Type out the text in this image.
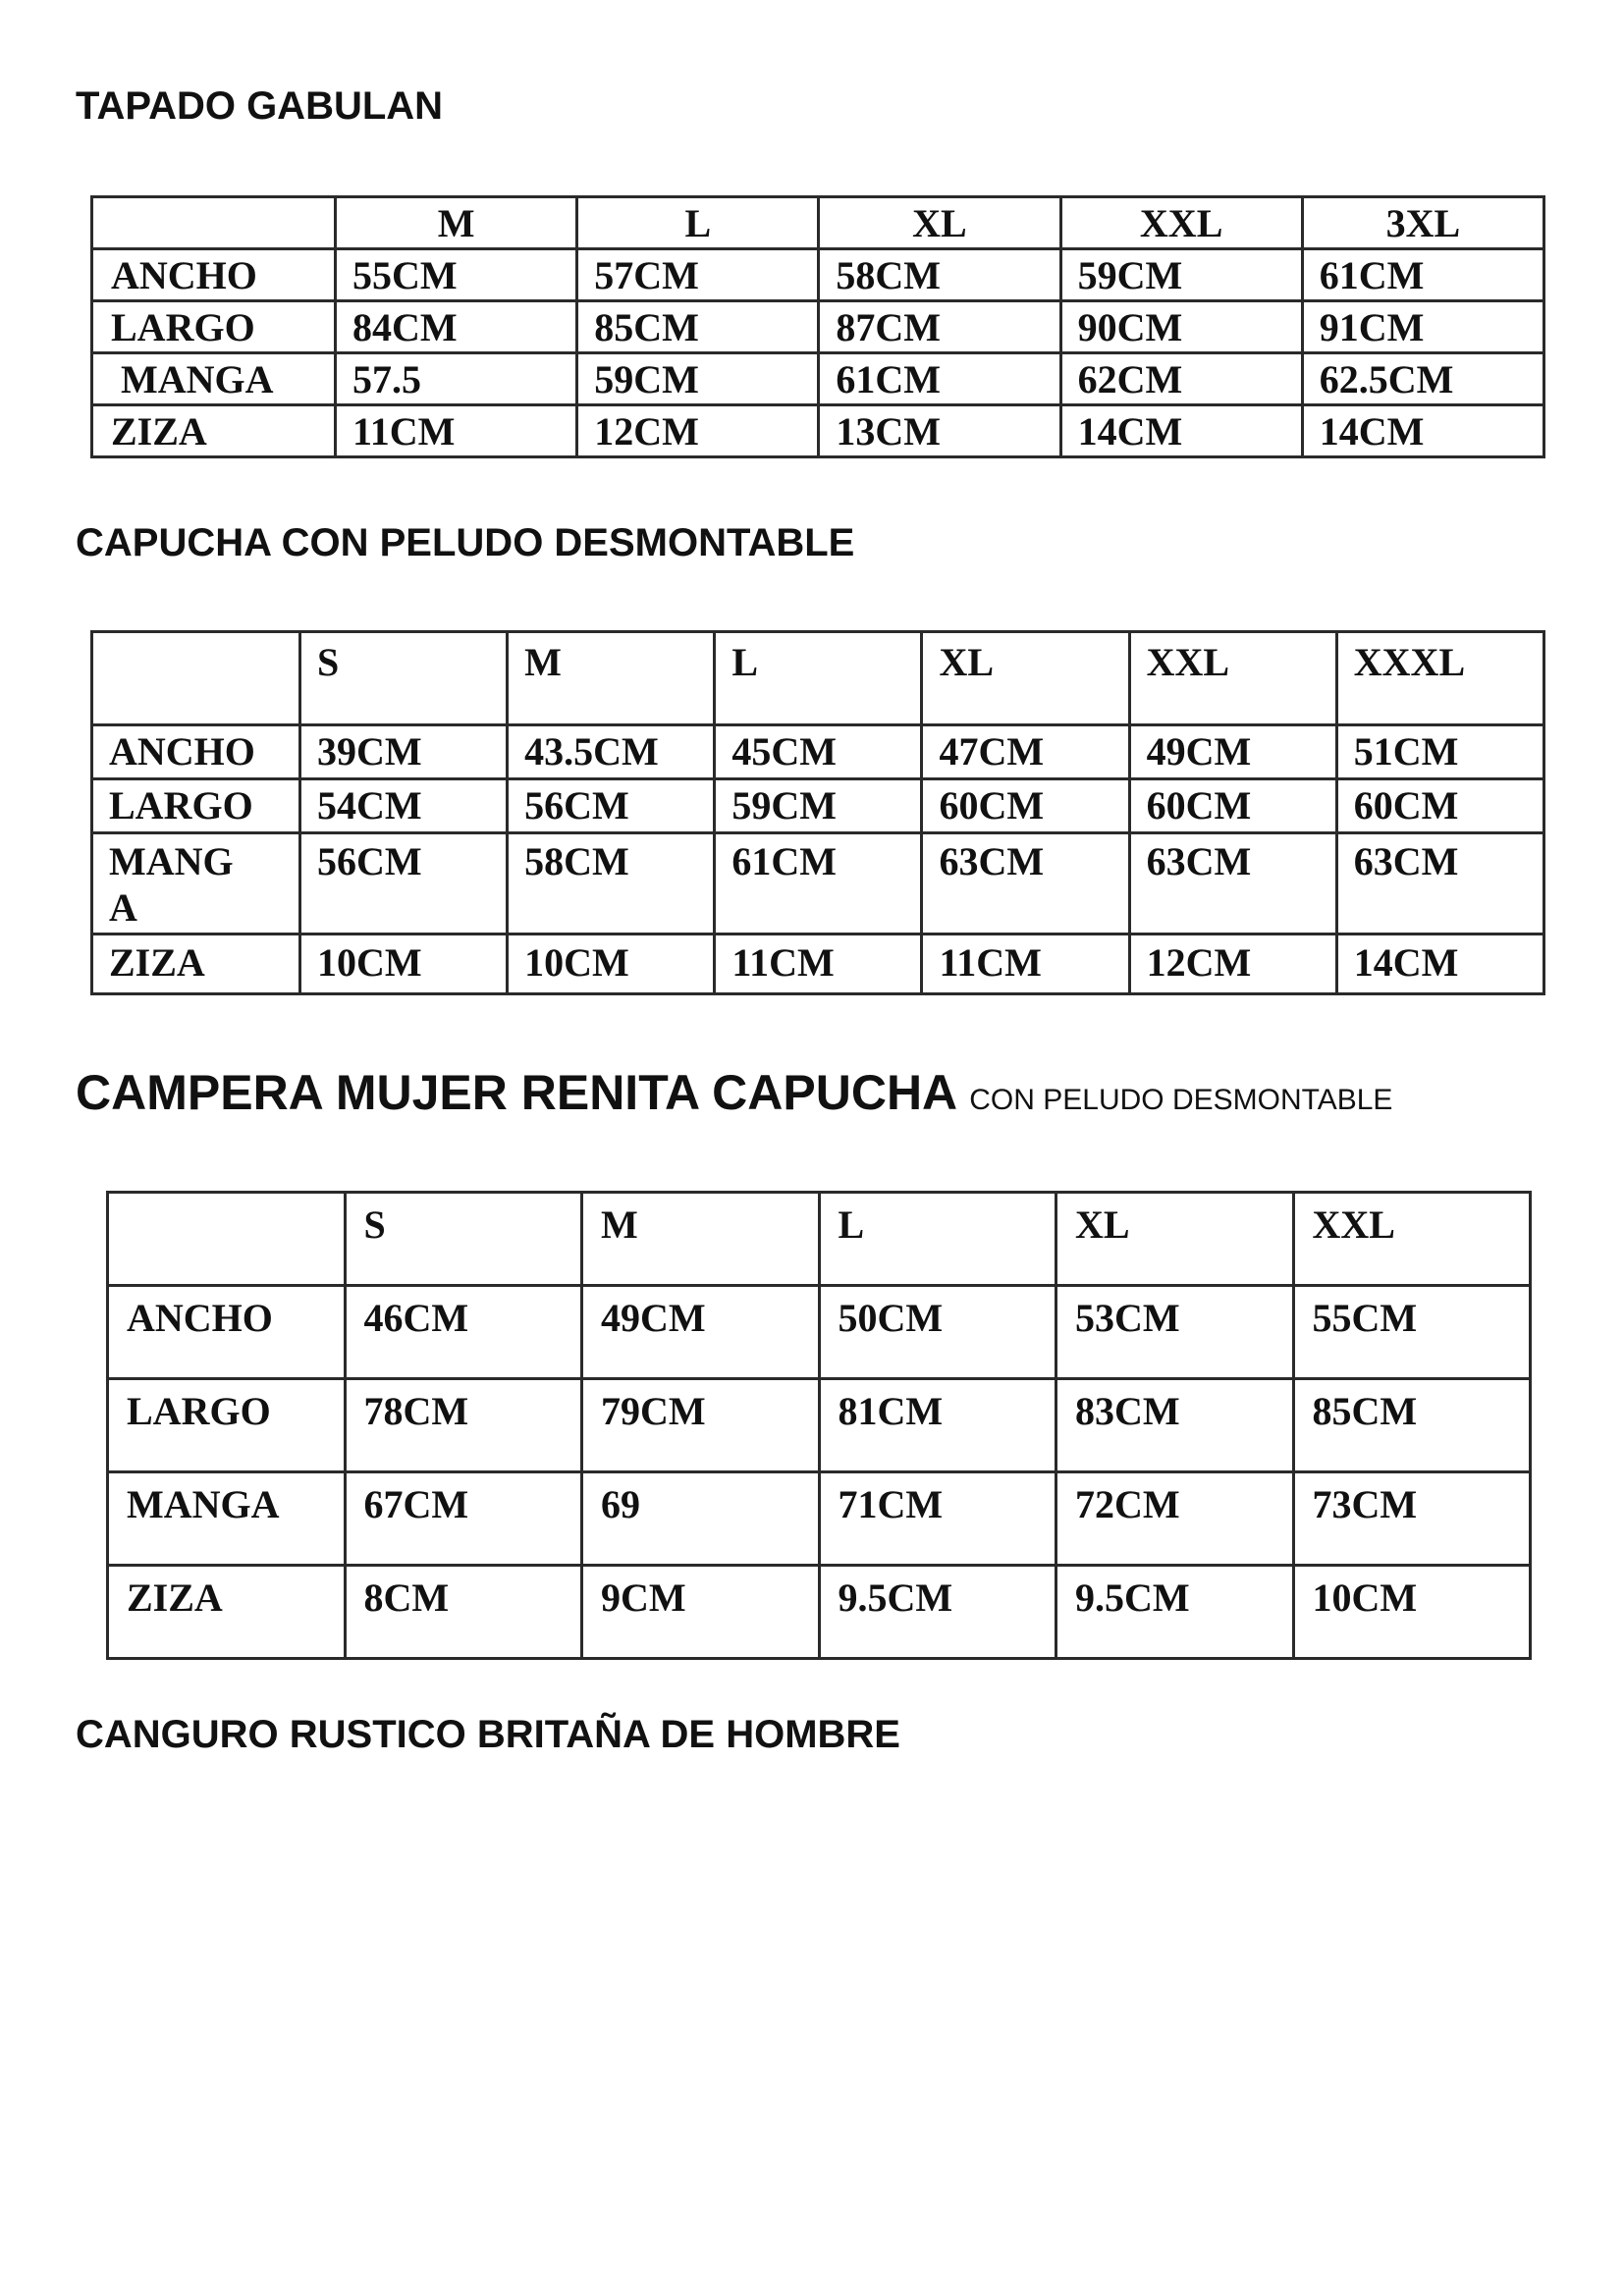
TAPADO GABULAN
	M	L	XL	XXL	3XL
ANCHO	55CM	57CM	58CM	59CM	61CM
LARGO	84CM	85CM	87CM	90CM	91CM
MANGA	57.5	59CM	61CM	62CM	62.5CM
ZIZA	11CM	12CM	13CM	14CM	14CM
CAPUCHA CON PELUDO DESMONTABLE
	S	M	L	XL	XXL	XXXL
ANCHO	39CM	43.5CM	45CM	47CM	49CM	51CM
LARGO	54CM	56CM	59CM	60CM	60CM	60CM
MANG A	56CM	58CM	61CM	63CM	63CM	63CM
ZIZA	10CM	10CM	11CM	11CM	12CM	14CM
CAMPERA MUJER RENITA CAPUCHA CON PELUDO DESMONTABLE
	S	M	L	XL	XXL
ANCHO	46CM	49CM	50CM	53CM	55CM
LARGO	78CM	79CM	81CM	83CM	85CM
MANGA	67CM	69	71CM	72CM	73CM
ZIZA	8CM	9CM	9.5CM	9.5CM	10CM
CANGURO RUSTICO BRITAÑA DE HOMBRE
